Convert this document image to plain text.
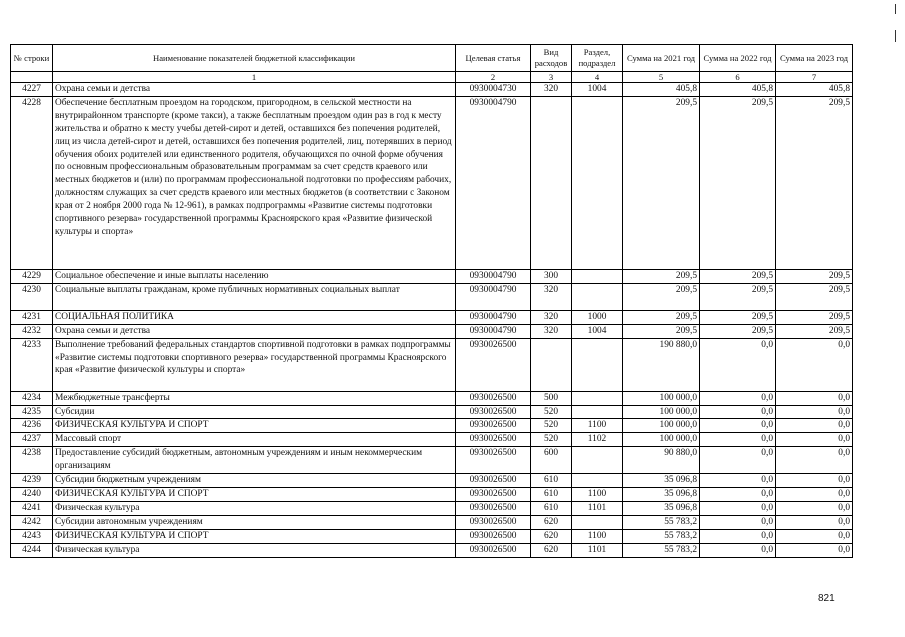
№ строки	Наименование показателей бюджетной классификации	Целевая статья	Вид расходов	Раздел, подраздел	Сумма на 2021 год	Сумма на 2022 год	Сумма на 2023 год
	1	2	3	4	5	6	7
4227	Охрана семьи и детства	0930004730	320	1004	405,8	405,8	405,8
4228	Обеспечение бесплатным проездом на городском, пригородном, в сельской местности на внутрирайонном транспорте (кроме такси), а также бесплатным проездом один раз в год к месту жительства и обратно к месту учебы детей-сирот и детей, оставшихся без попечения родителей, лиц из числа детей-сирот и детей, оставшихся без попечения родителей, лиц, потерявших в период обучения обоих родителей или единственного родителя, обучающихся по очной форме обучения по основным профессиональным образовательным программам за счет средств краевого или местных бюджетов и (или) по программам профессиональной подготовки по профессиям рабочих, должностям служащих за счет средств краевого или местных бюджетов (в соответствии с Законом края от 2 ноября 2000 года № 12-961), в рамках подпрограммы «Развитие системы подготовки спортивного резерва» государственной программы Красноярского края «Развитие физической культуры и спорта»	0930004790			209,5	209,5	209,5
4229	Социальное обеспечение и иные выплаты населению	0930004790	300		209,5	209,5	209,5
4230	Социальные выплаты гражданам, кроме публичных нормативных социальных выплат	0930004790	320		209,5	209,5	209,5
4231	СОЦИАЛЬНАЯ ПОЛИТИКА	0930004790	320	1000	209,5	209,5	209,5
4232	Охрана семьи и детства	0930004790	320	1004	209,5	209,5	209,5
4233	Выполнение требований федеральных стандартов спортивной подготовки в рамках подпрограммы «Развитие системы подготовки спортивного резерва» государственной программы Красноярского края «Развитие физической культуры и спорта»	0930026500			190 880,0	0,0	0,0
4234	Межбюджетные трансферты	0930026500	500		100 000,0	0,0	0,0
4235	Субсидии	0930026500	520		100 000,0	0,0	0,0
4236	ФИЗИЧЕСКАЯ КУЛЬТУРА И СПОРТ	0930026500	520	1100	100 000,0	0,0	0,0
4237	Массовый спорт	0930026500	520	1102	100 000,0	0,0	0,0
4238	Предоставление субсидий бюджетным, автономным учреждениям и иным некоммерческим организациям	0930026500	600		90 880,0	0,0	0,0
4239	Субсидии бюджетным учреждениям	0930026500	610		35 096,8	0,0	0,0
4240	ФИЗИЧЕСКАЯ КУЛЬТУРА И СПОРТ	0930026500	610	1100	35 096,8	0,0	0,0
4241	Физическая культура	0930026500	610	1101	35 096,8	0,0	0,0
4242	Субсидии автономным учреждениям	0930026500	620		55 783,2	0,0	0,0
4243	ФИЗИЧЕСКАЯ КУЛЬТУРА И СПОРТ	0930026500	620	1100	55 783,2	0,0	0,0
4244	Физическая культура	0930026500	620	1101	55 783,2	0,0	0,0
821
